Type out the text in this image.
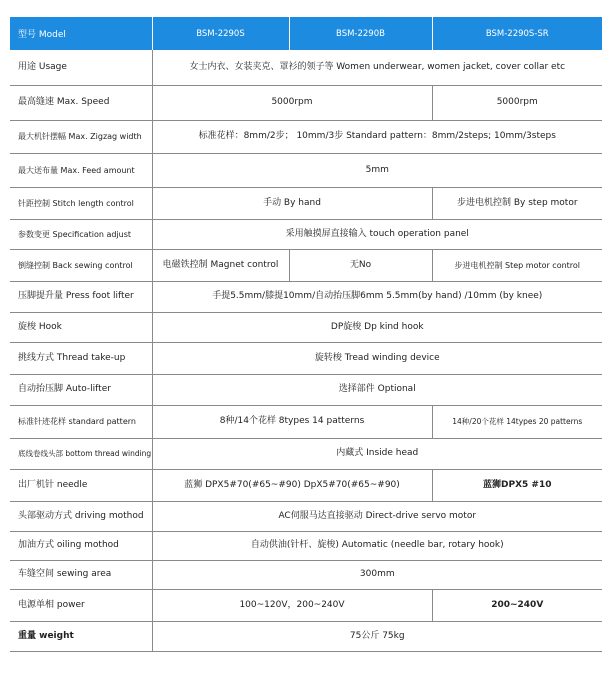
型号 Model	BSM-2290S	BSM-2290B	BSM-2290S-SR
用途 Usage	女士内衣、女装夹克、罩衫的领子等 Women underwear, women jacket, cover collar etc		
最高缝速 Max. Speed	5000rpm		5000rpm
最大机针摆幅 Max. Zigzag width	标准花样：8mm/2步； 10mm/3步 Standard pattern：8mm/2steps; 10mm/3steps		
最大送布量 Max. Feed amount	5mm		
针距控制 Stitch length control	手动 By hand		步进电机控制 By step motor
参数变更 Specification adjust	采用触摸屏直接输入 touch operation panel		
倒缝控制 Back sewing control	电磁铁控制 Magnet control	无No	步进电机控制 Step motor control
压脚提升量 Press foot lifter	手提5.5mm/膝提10mm/自动抬压脚6mm 5.5mm(by hand) /10mm (by knee)		
旋梭 Hook	DP旋梭 Dp kind hook		
挑线方式 Thread take-up	旋转梭 Tread winding device		
自动抬压脚 Auto-lifter	选择部件 Optional		
标准针迹花样 standard pattern	8种/14个花样 8types 14 patterns		14种/20个花样 14types 20 patterns
底线卷线头部 bottom thread winding	内藏式 Inside head		
出厂机针 needle	蓝狮 DPX5#70(#65~#90) DpX5#70(#65~#90)		蓝狮DPX5 #10
头部驱动方式 driving mothod	AC伺服马达直接驱动 Direct-drive servo motor		
加油方式 oiling mothod	自动供油(针杆、旋梭) Automatic (needle bar, rotary hook)		
车缝空间 sewing area	300mm		
电源单相 power	100~120V，200~240V		200~240V
重量 weight	75公斤 75kg		
